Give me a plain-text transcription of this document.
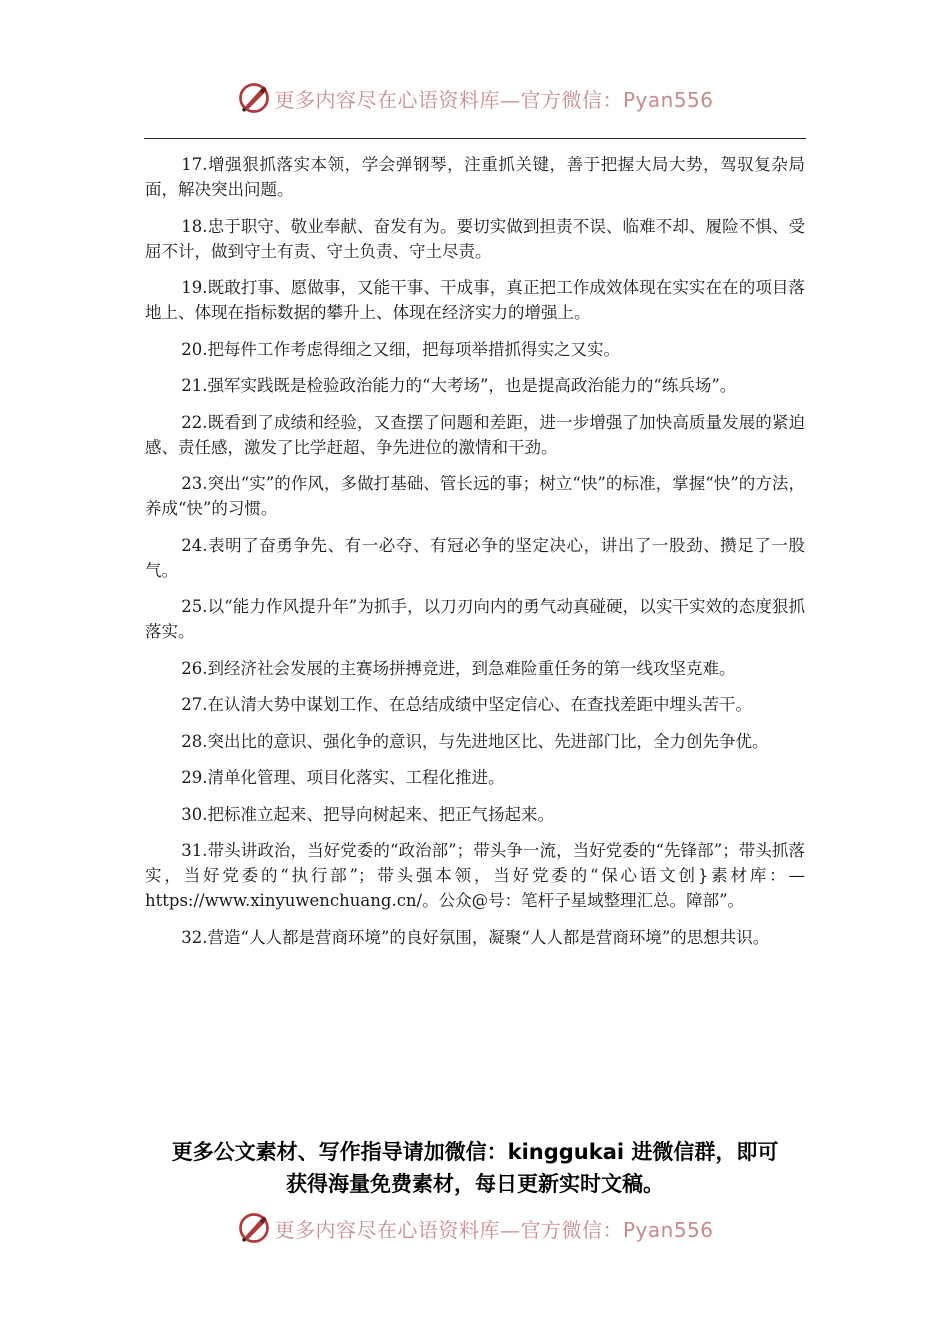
更多内容尽在心语资料库—官方微信：Pyan556

17.增强狠抓落实本领，学会弹钢琴，注重抓关键，善于把握大局大势，驾驭复杂局面，解决突出问题。

18.忠于职守、敬业奉献、奋发有为。要切实做到担责不误、临难不却、履险不惧、受屈不计，做到守土有责、守土负责、守土尽责。

19.既敢打事、愿做事，又能干事、干成事，真正把工作成效体现在实实在在的项目落地上、体现在指标数据的攀升上、体现在经济实力的增强上。

20.把每件工作考虑得细之又细，把每项举措抓得实之又实。

21.强军实践既是检验政治能力的“大考场”，也是提高政治能力的“练兵场”。

22.既看到了成绩和经验，又查摆了问题和差距，进一步增强了加快高质量发展的紧迫感、责任感，激发了比学赶超、争先进位的激情和干劲。

23.突出“实”的作风，多做打基础、管长远的事；树立“快”的标准，掌握“快”的方法，养成“快”的习惯。

24.表明了奋勇争先、有一必夺、有冠必争的坚定决心，讲出了一股劲、攒足了一股气。

25.以“能力作风提升年”为抓手，以刀刃向内的勇气动真碰硬，以实干实效的态度狠抓落实。

26.到经济社会发展的主赛场拼搏竞进，到急难险重任务的第一线攻坚克难。

27.在认清大势中谋划工作、在总结成绩中坚定信心、在查找差距中埋头苦干。

28.突出比的意识、强化争的意识，与先进地区比、先进部门比，全力创先争优。

29.清单化管理、项目化落实、工程化推进。

30.把标准立起来、把导向树起来、把正气扬起来。

31.带头讲政治，当好党委的“政治部”；带头争一流，当好党委的“先锋部”；带头抓落实，当好党委的“执行部”；带头强本领，当好党委的“保心语文创}素材库：—https://www.xinyuwenchuang.cn/。公众@号：笔杆子星域整理汇总。障部”。

32.营造“人人都是营商环境”的良好氛围，凝聚“人人都是营商环境”的思想共识。

更多公文素材、写作指导请加微信：kinggukai 进微信群，即可
获得海量免费素材，每日更新实时文稿。
更多内容尽在心语资料库—官方微信：Pyan556
